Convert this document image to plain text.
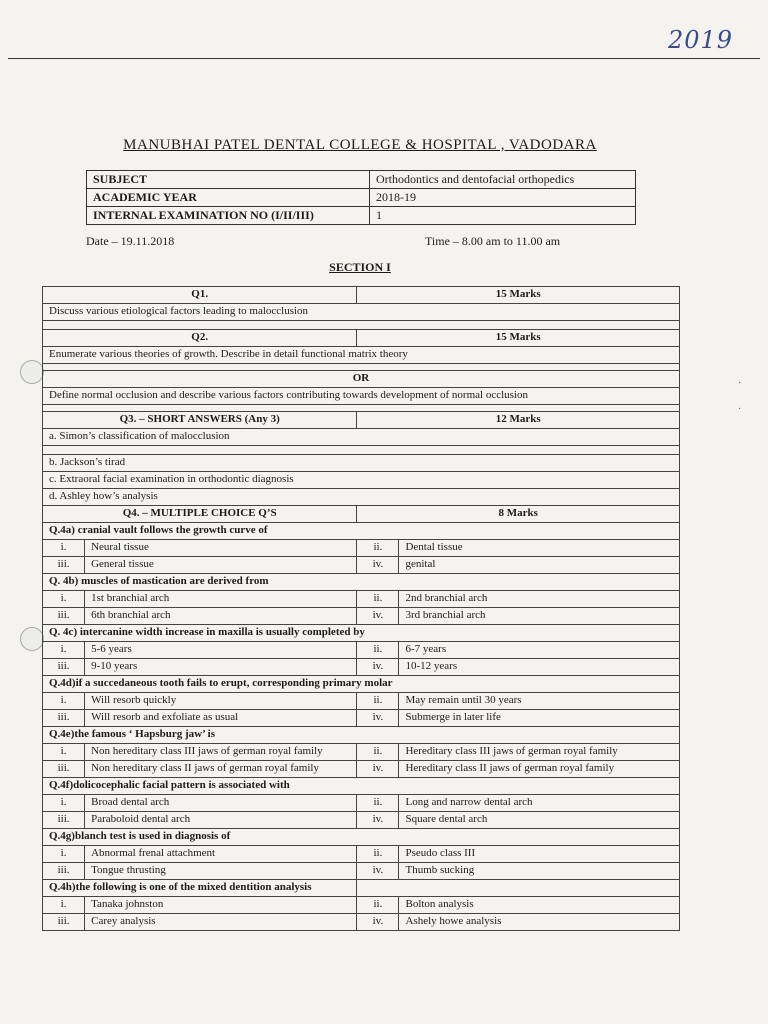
2019
·
·
MANUBHAI PATEL DENTAL COLLEGE & HOSPITAL , VADODARA
SUBJECT	Orthodontics and dentofacial orthopedics
ACADEMIC YEAR	2018-19
INTERNAL EXAMINATION NO (I/II/III)	1
Date – 19.11.2018	Time – 8.00 am to 11.00 am
SECTION I
Q1.		15 Marks	
Discuss various etiological factors leading to malocclusion			

Q2.		15 Marks	
Enumerate various theories of growth. Describe in detail functional matrix theory			

OR			
Define normal occlusion and describe various factors contributing towards development of normal occlusion			

Q3. – SHORT ANSWERS (Any 3)		12 Marks	
a. Simon’s classification of malocclusion			

b. Jackson’s tirad			
c. Extraoral facial examination in orthodontic diagnosis			
d. Ashley how’s analysis			
Q4. – MULTIPLE CHOICE Q’S		8 Marks	
Q.4a) cranial vault follows the growth curve of			
i.	Neural tissue	ii.	Dental tissue
iii.	General tissue	iv.	genital
Q. 4b) muscles of mastication are derived from			
i.	1st branchial arch	ii.	2nd branchial arch
iii.	6th branchial arch	iv.	3rd branchial arch
Q. 4c) intercanine width increase in maxilla is usually completed by			
i.	5-6 years	ii.	6-7 years
iii.	9-10 years	iv.	10-12 years
Q.4d)if a succedaneous tooth fails to erupt, corresponding primary molar			
i.	Will resorb quickly	ii.	May remain until 30 years
iii.	Will resorb and exfoliate as usual	iv.	Submerge in later life
Q.4e)the famous ‘ Hapsburg jaw’ is			
i.	Non hereditary class III jaws of german royal family	ii.	Hereditary class III jaws of german royal family
iii.	Non hereditary class II jaws of german royal family	iv.	Hereditary class II jaws of german royal family
Q.4f)dolicocephalic facial pattern is associated with			
i.	Broad dental arch	ii.	Long and narrow dental arch
iii.	Paraboloid dental arch	iv.	Square dental arch
Q.4g)blanch test is used in diagnosis of			
i.	Abnormal frenal attachment	ii.	Pseudo class III
iii.	Tongue thrusting	iv.	Thumb sucking
Q.4h)the following is one of the mixed dentition analysis			
i.	Tanaka johnston	ii.	Bolton analysis
iii.	Carey analysis	iv.	Ashely howe analysis
